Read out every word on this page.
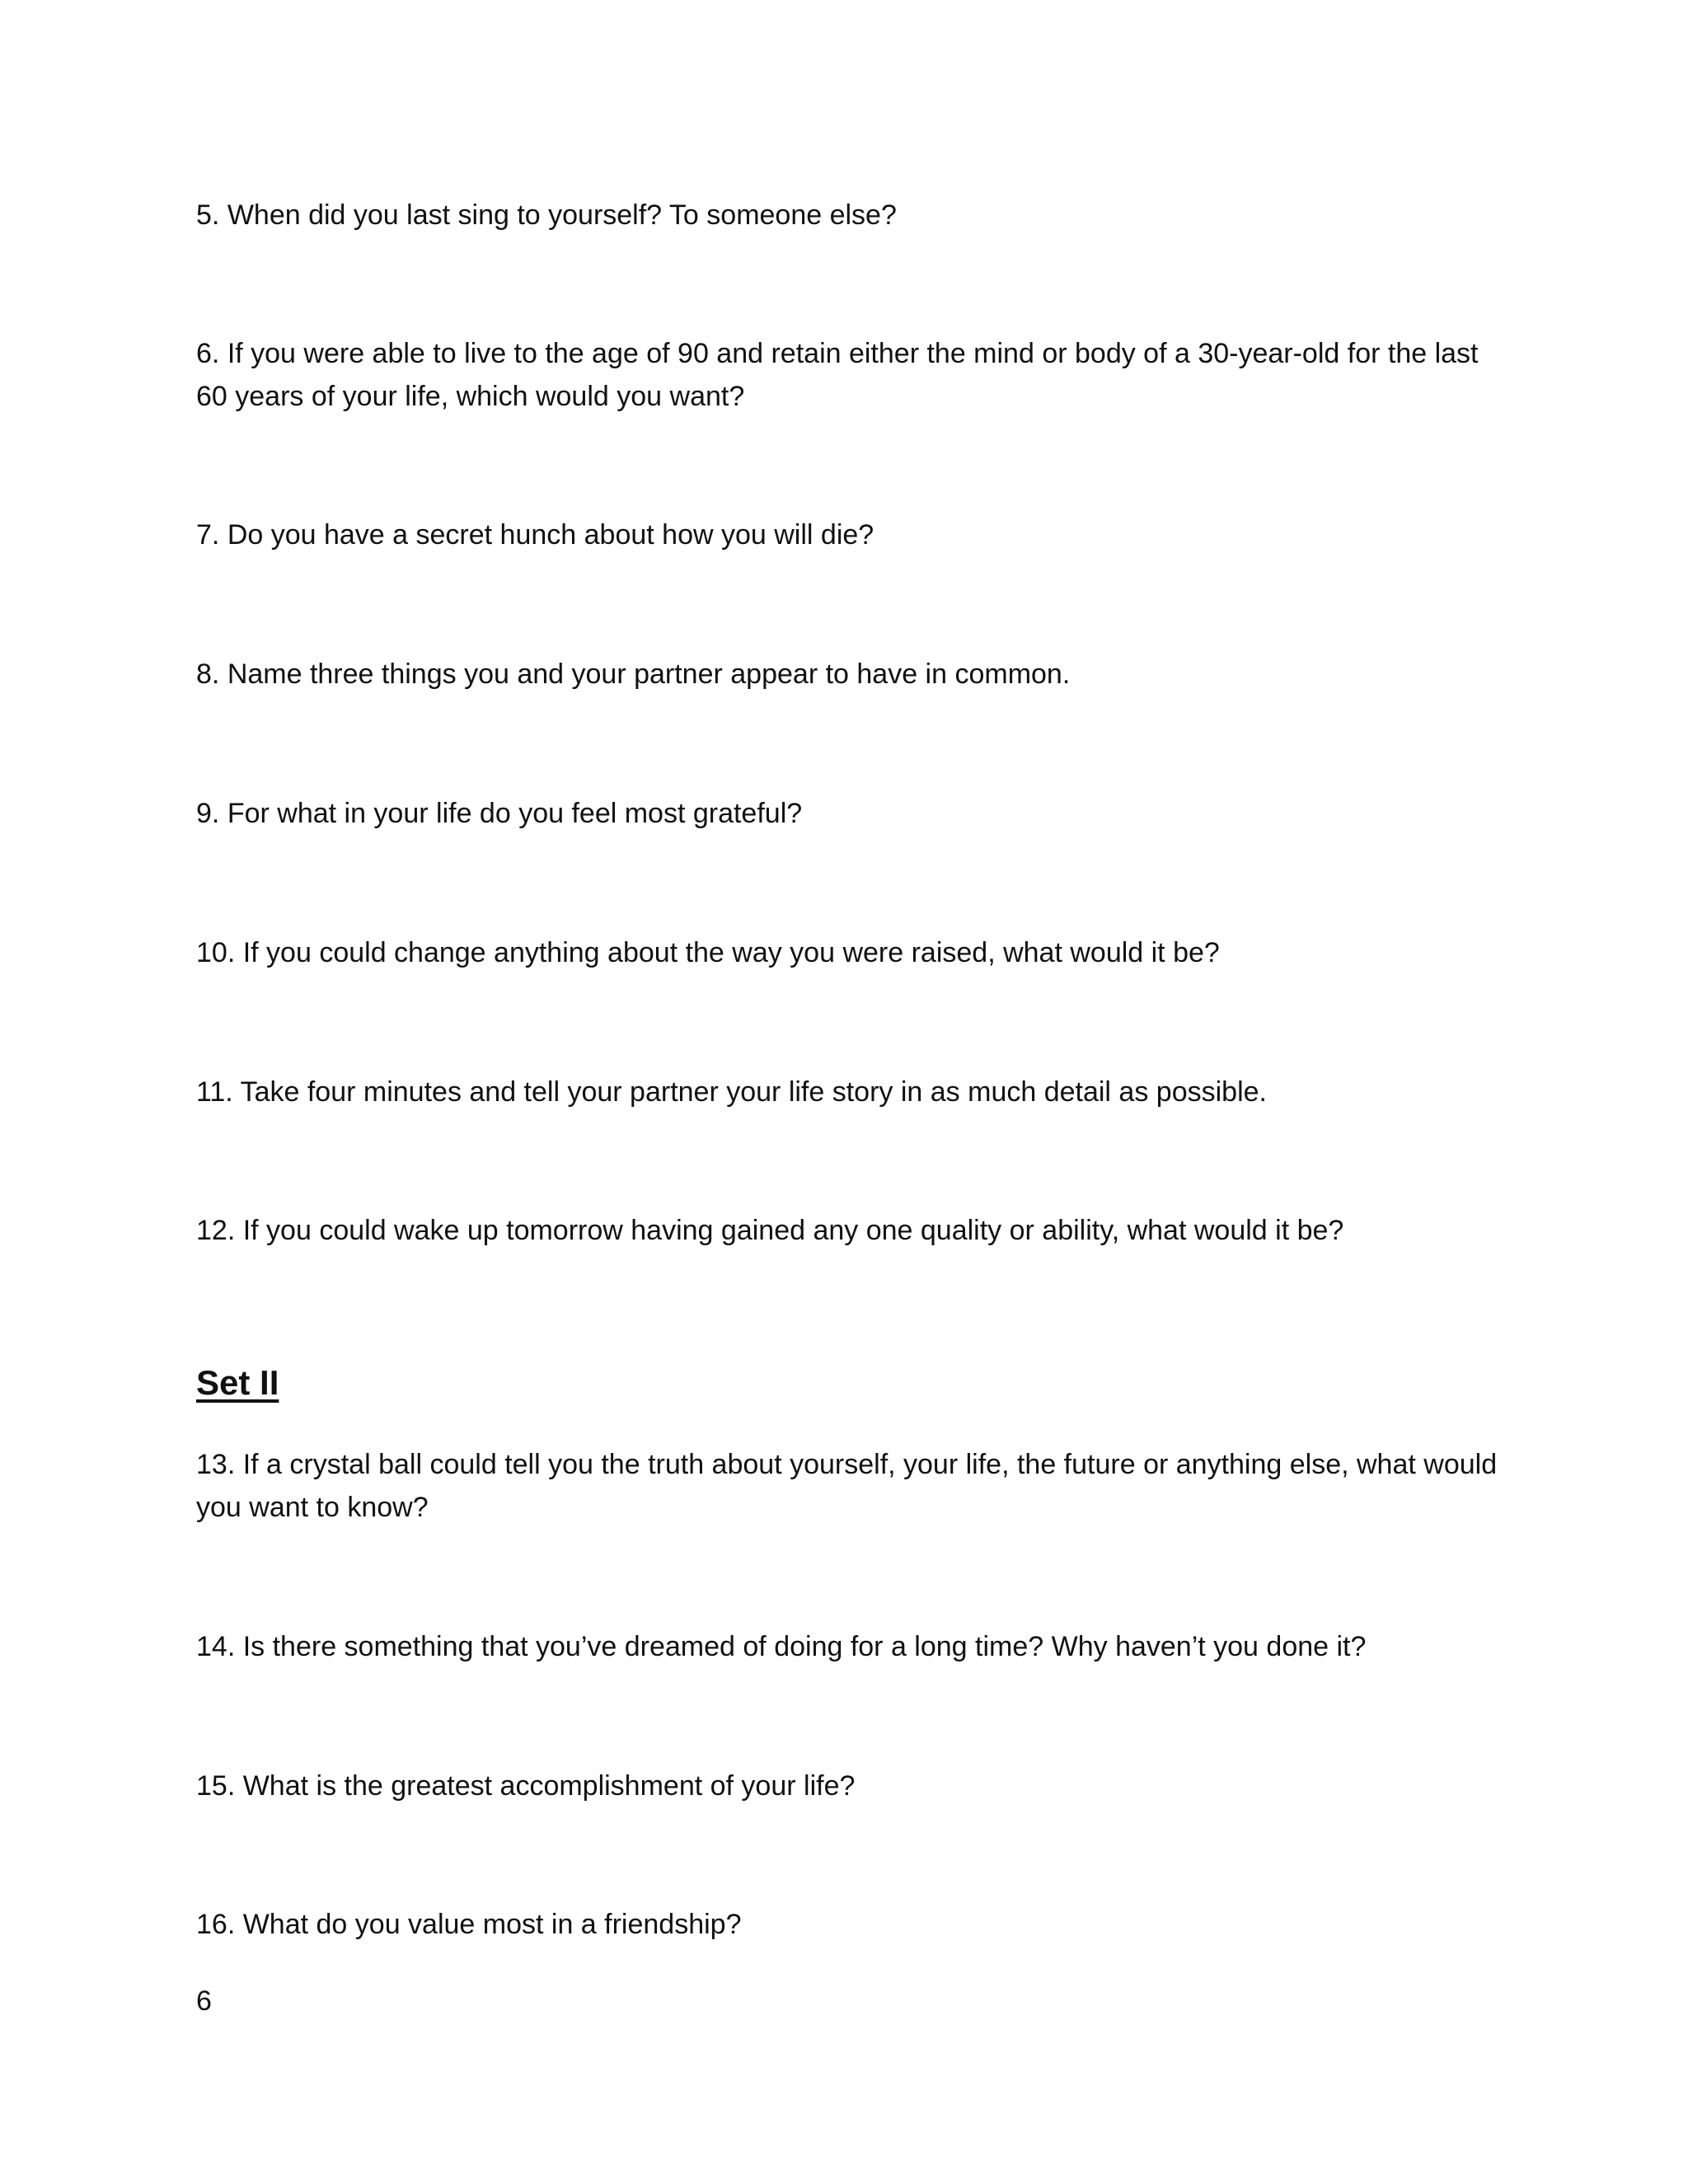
5. When did you last sing to yourself? To someone else?

6. If you were able to live to the age of 90 and retain either the mind or body of a 30-year-old for the last 60 years of your life, which would you want?

7. Do you have a secret hunch about how you will die?

8. Name three things you and your partner appear to have in common.

9. For what in your life do you feel most grateful?

10. If you could change anything about the way you were raised, what would it be?

11. Take four minutes and tell your partner your life story in as much detail as possible.

12. If you could wake up tomorrow having gained any one quality or ability, what would it be?

Set II

13. If a crystal ball could tell you the truth about yourself, your life, the future or anything else, what would you want to know?

14. Is there something that you’ve dreamed of doing for a long time? Why haven’t you done it?

15. What is the greatest accomplishment of your life?

16. What do you value most in a friendship?

6
